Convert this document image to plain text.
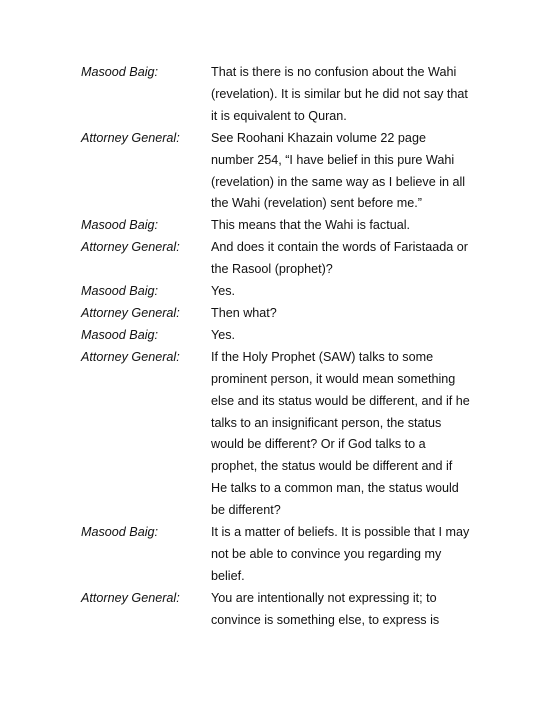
Masood Baig:	That is there is no confusion about the Wahi
(revelation). It is similar but he did not say that
it is equivalent to Quran.
Attorney General:	See Roohani Khazain volume 22 page
number 254, “I have belief in this pure Wahi
(revelation) in the same way as I believe in all
the Wahi (revelation) sent before me.”
Masood Baig:	This means that the Wahi is factual.
Attorney General:	And does it contain the words of Faristaada or
the Rasool (prophet)?
Masood Baig:	Yes.
Attorney General:	Then what?
Masood Baig:	Yes.
Attorney General:	If the Holy Prophet (SAW) talks to some
prominent person, it would mean something
else and its status would be different, and if he
talks to an insignificant person, the status
would be different? Or if God talks to a
prophet, the status would be different and if
He talks to a common man, the status would
be different?
Masood Baig:	It is a matter of beliefs. It is possible that I may
not be able to convince you regarding my
belief.
Attorney General:	You are intentionally not expressing it; to
convince is something else, to express is
